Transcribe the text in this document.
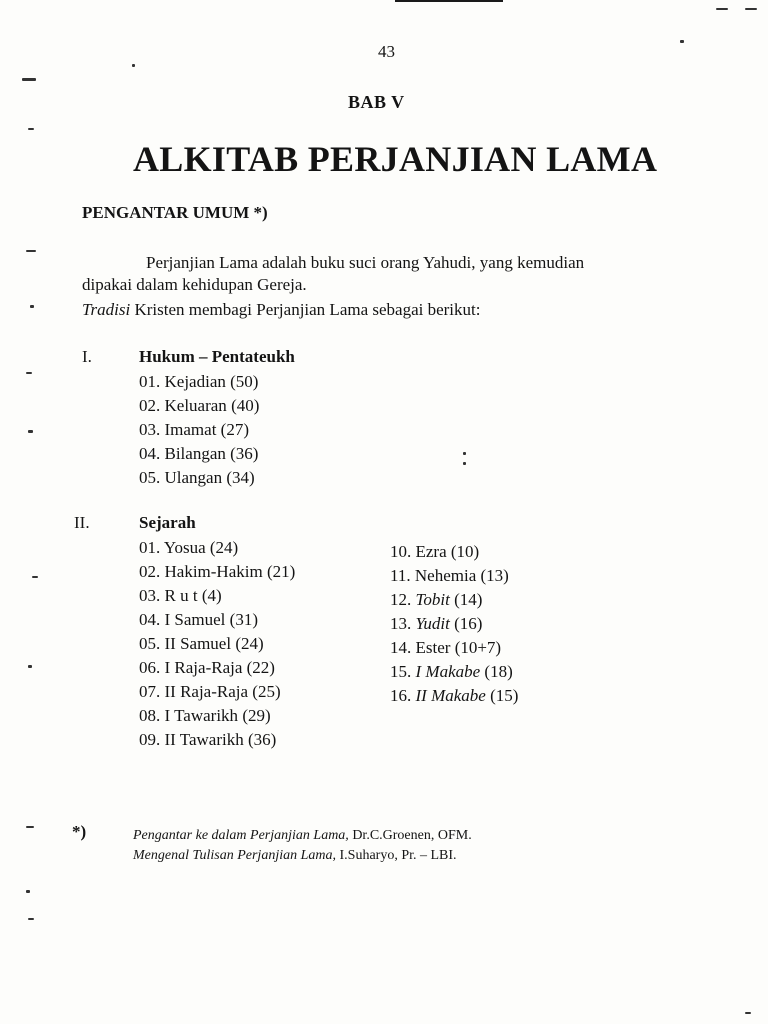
43
BAB V
ALKITAB PERJANJIAN LAMA
PENGANTAR UMUM *)
Perjanjian Lama adalah buku suci orang Yahudi, yang kemudian
dipakai dalam kehidupan Gereja.
Tradisi Kristen membagi Perjanjian Lama sebagai berikut:
I.	Hukum – Pentateukh
01. Kejadian (50)
02. Keluaran (40)
03. Imamat (27)
04. Bilangan (36)
05. Ulangan (34)
II.	Sejarah
01. Yosua (24)
02. Hakim-Hakim (21)
03. R u t (4)
04. I Samuel (31)
05. II Samuel (24)
06. I Raja-Raja (22)
07. II Raja-Raja (25)
08. I Tawarikh (29)
09. II Tawarikh (36)
10. Ezra (10)
11. Nehemia (13)
12. Tobit (14)
13. Yudit (16)
14. Ester (10+7)
15. I Makabe (18)
16. II Makabe (15)
*)	Pengantar ke dalam Perjanjian Lama, Dr.C.Groenen, OFM.
Mengenal Tulisan Perjanjian Lama, I.Suharyo, Pr. – LBI.
